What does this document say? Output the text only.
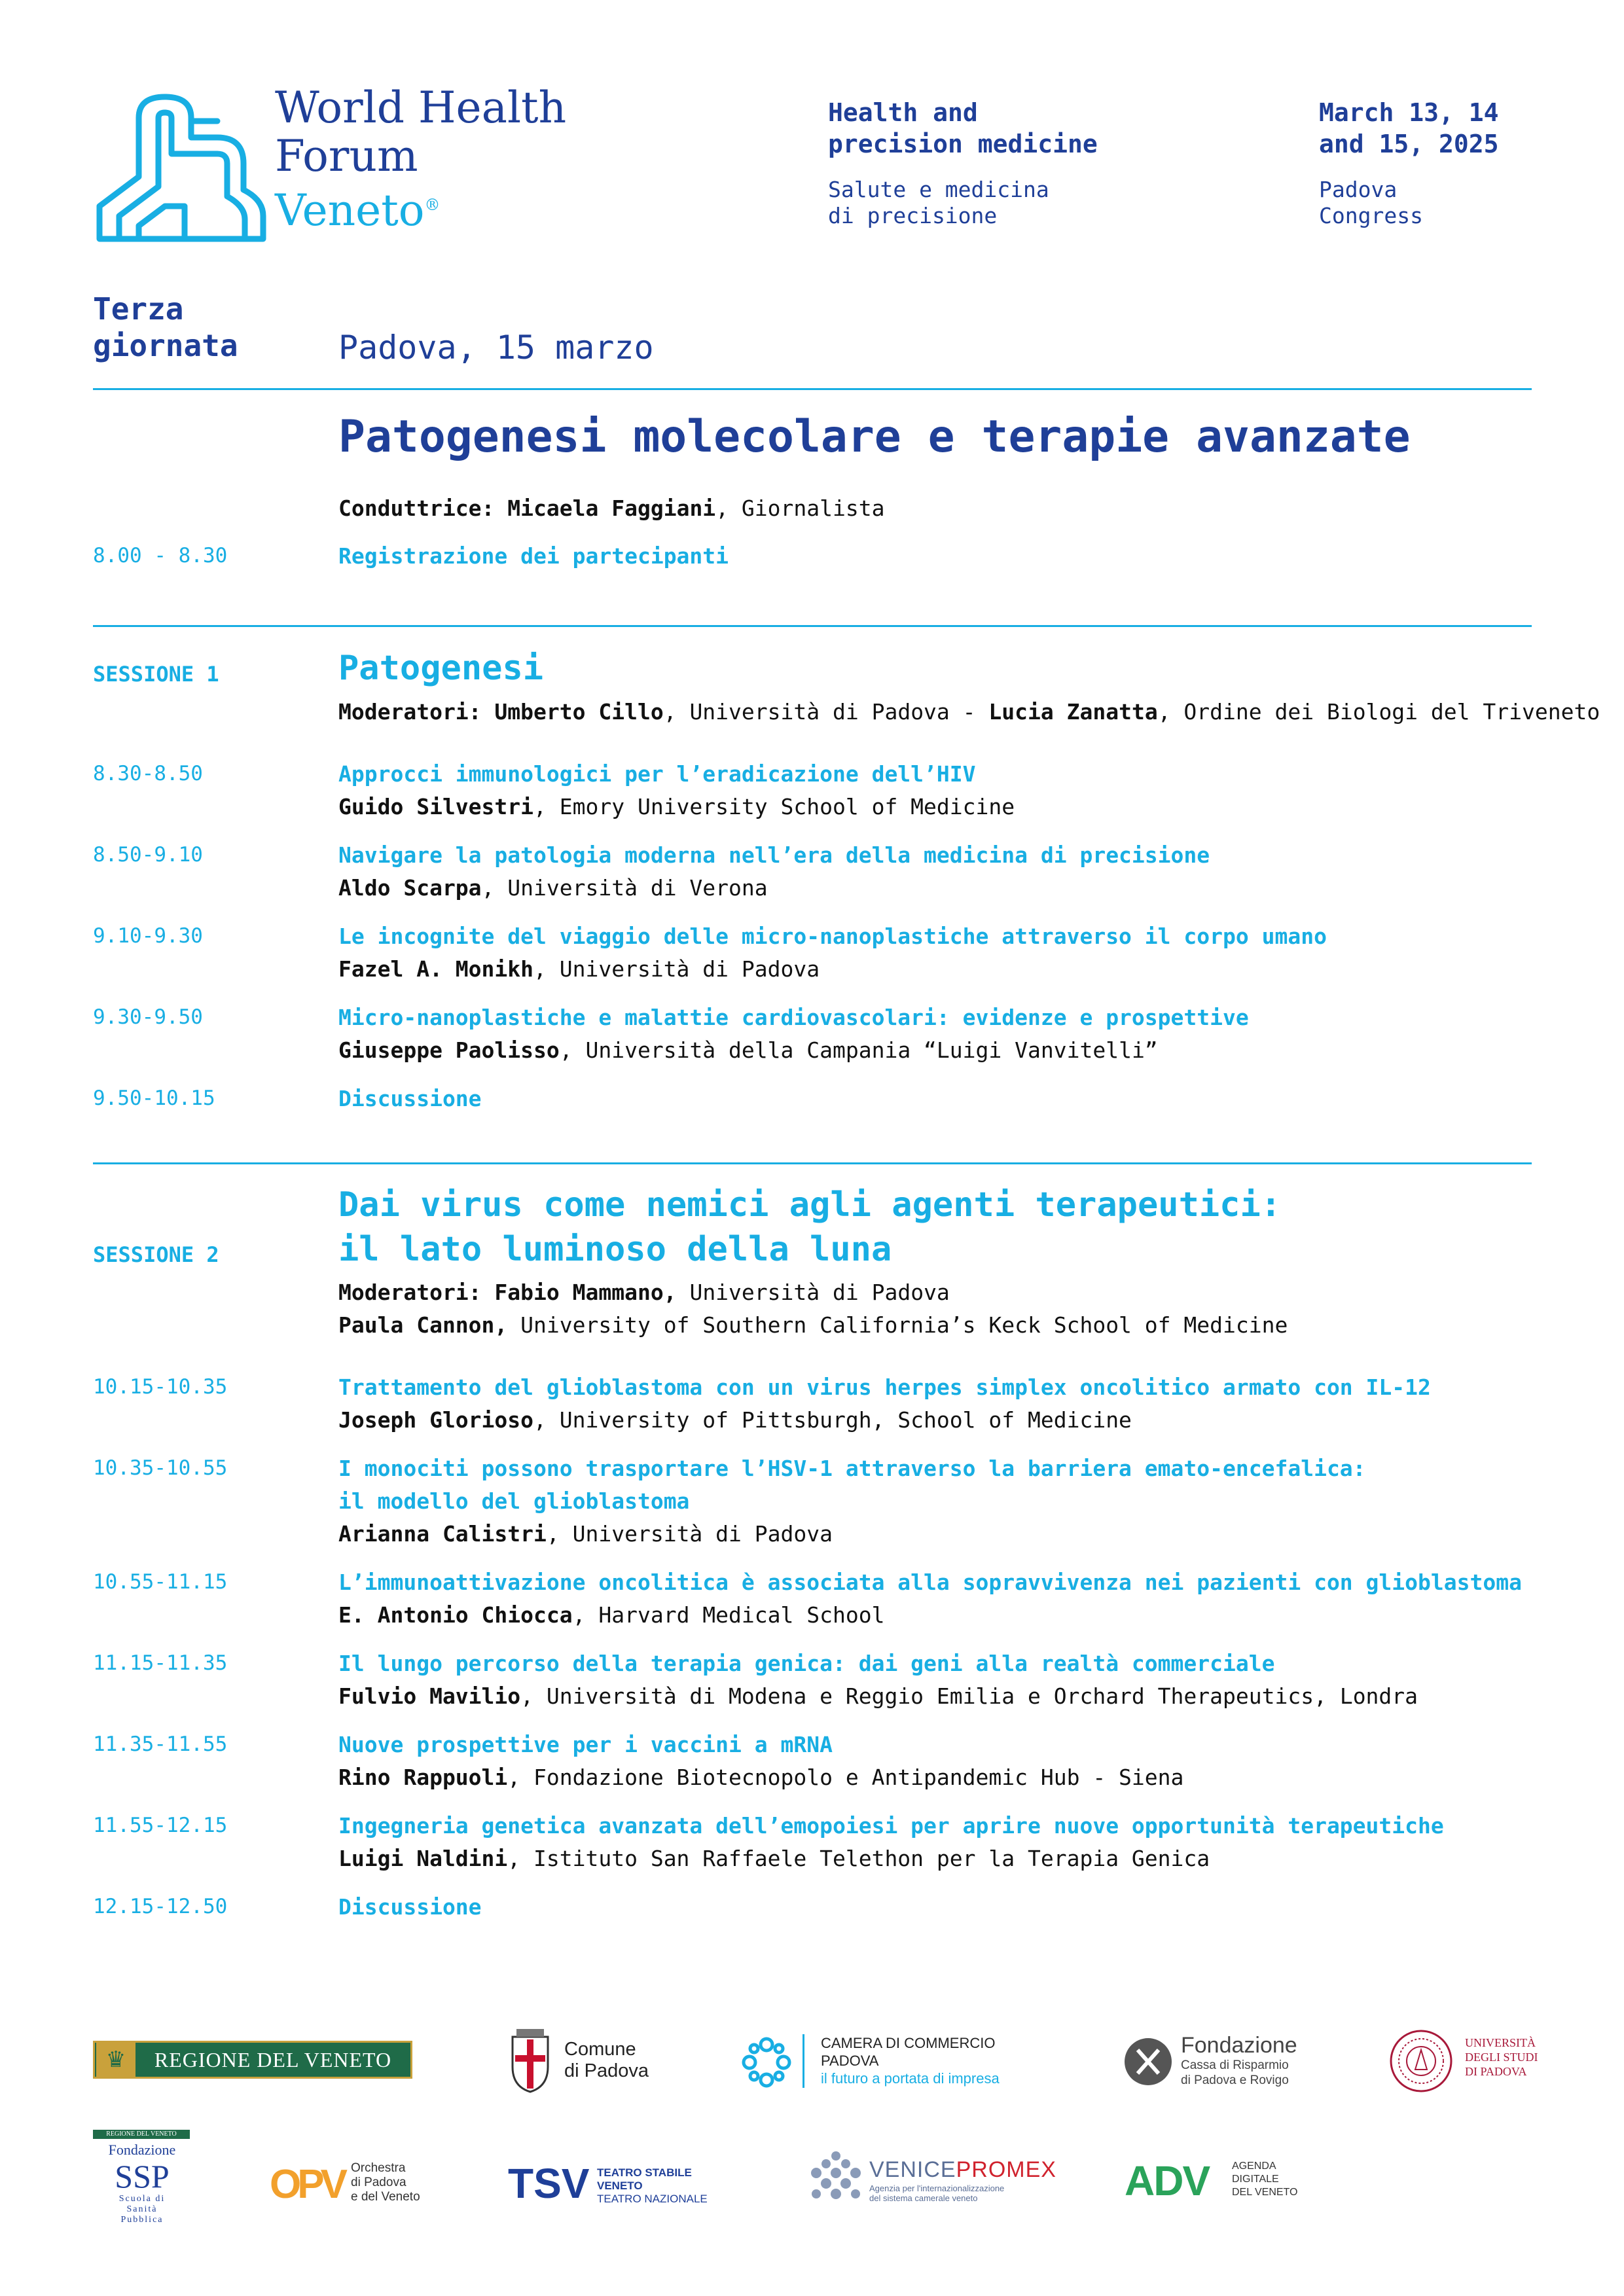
World Health
Forum
Veneto®
Health and
precision medicine
Salute e medicina
di precisione
March 13, 14
and 15, 2025
Padova
Congress
Terza
giornata	Padova, 15 marzo
Patogenesi molecolare e terapie avanzate
Conduttrice: Micaela Faggiani, Giornalista
8.00 - 8.30	Registrazione dei partecipanti
SESSIONE 1	Patogenesi
Moderatori: Umberto Cillo, Università di Padova - Lucia Zanatta, Ordine dei Biologi del Triveneto
8.30-8.50	Approcci immunologici per l’eradicazione dell’HIV
Guido Silvestri, Emory University School of Medicine
8.50-9.10	Navigare la patologia moderna nell’era della medicina di precisione
Aldo Scarpa, Università di Verona
9.10-9.30	Le incognite del viaggio delle micro-nanoplastiche attraverso il corpo umano
Fazel A. Monikh, Università di Padova
9.30-9.50	Micro-nanoplastiche e malattie cardiovascolari: evidenze e prospettive
Giuseppe Paolisso, Università della Campania “Luigi Vanvitelli”
9.50-10.15	Discussione
SESSIONE 2
Dai virus come nemici agli agenti terapeutici:
il lato luminoso della luna
Moderatori: Fabio Mammano, Università di Padova
Paula Cannon, University of Southern California’s Keck School of Medicine
10.15-10.35	Trattamento del glioblastoma con un virus herpes simplex oncolitico armato con IL-12
Joseph Glorioso, University of Pittsburgh, School of Medicine
10.35-10.55	I monociti possono trasportare l’HSV-1 attraverso la barriera emato-encefalica:
il modello del glioblastoma
Arianna Calistri, Università di Padova
10.55-11.15	L’immunoattivazione oncolitica è associata alla sopravvivenza nei pazienti con glioblastoma
E. Antonio Chiocca, Harvard Medical School
11.15-11.35	Il lungo percorso della terapia genica: dai geni alla realtà commerciale
Fulvio Mavilio, Università di Modena e Reggio Emilia e Orchard Therapeutics, Londra
11.35-11.55	Nuove prospettive per i vaccini a mRNA
Rino Rappuoli, Fondazione Biotecnopolo e Antipandemic Hub - Siena
11.55-12.15	Ingegneria genetica avanzata dell’emopoiesi per aprire nuove opportunità terapeutiche
Luigi Naldini, Istituto San Raffaele Telethon per la Terapia Genica
12.15-12.50	Discussione
♛	REGIONE DEL VENETO	Comune
di Padova
CAMERA DI COMMERCIO
PADOVA
il futuro a portata di impresa
Fondazione
Cassa di Risparmio
di Padova e Rovigo
UNIVERSITÀ
DEGLI STUDI
DI PADOVA
REGIONE DEL VENETO
Fondazione
SSP
Scuola di
Sanità
Pubblica
OPV Orchestra
di Padova
e del Veneto TSV TEATRO STABILE
VENETO
TEATRO NAZIONALE
VENICEPROMEX
Agenzia per l'internazionalizzazione
del sistema camerale veneto	ADV AGENDA
DIGITALE
DEL VENETO
